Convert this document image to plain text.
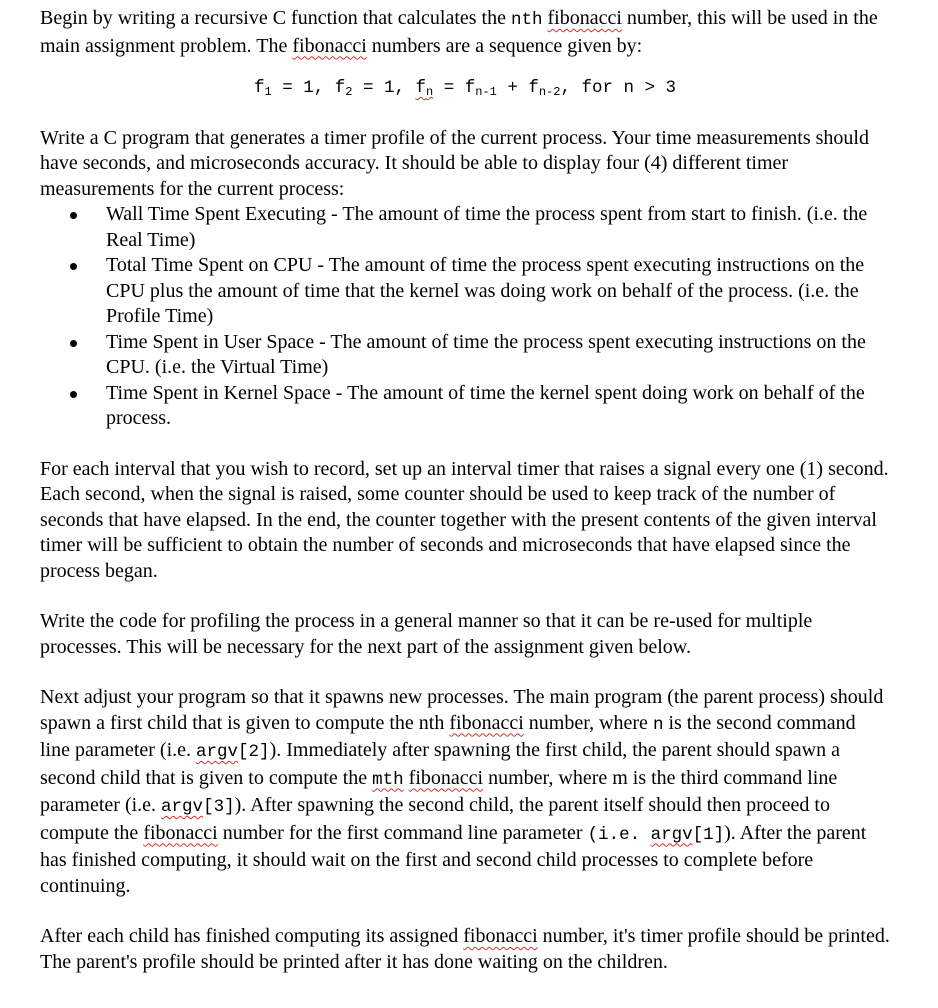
Begin by writing a recursive C function that calculates the nth fibonacci number, this will be used in the main assignment problem. The fibonacci numbers are a sequence given by:

$f_1 = 1$, $f_2 = 1$, $f_n = f_{n-1} + f_{n-2}$, for n > 3

Write a C program that generates a timer profile of the current process. Your time measurements should have seconds, and microseconds accuracy. It should be able to display four (4) different timer measurements for the current process:

Wall Time Spent Executing - The amount of time the process spent from start to finish. (i.e. the Real Time)
Total Time Spent on CPU - The amount of time the process spent executing instructions on the CPU plus the amount of time that the kernel was doing work on behalf of the process. (i.e. the Profile Time)
Time Spent in User Space - The amount of time the process spent executing instructions on the CPU. (i.e. the Virtual Time)
Time Spent in Kernel Space - The amount of time the kernel spent doing work on behalf of the process.

For each interval that you wish to record, set up an interval timer that raises a signal every one (1) second. Each second, when the signal is raised, some counter should be used to keep track of the number of seconds that have elapsed. In the end, the counter together with the present contents of the given interval timer will be sufficient to obtain the number of seconds and microseconds that have elapsed since the process began.

Write the code for profiling the process in a general manner so that it can be re-used for multiple processes. This will be necessary for the next part of the assignment given below.

Next adjust your program so that it spawns new processes. The main program (the parent process) should spawn a first child that is given to compute the nth fibonacci number, where n is the second command line parameter (i.e. argv[2]). Immediately after spawning the first child, the parent should spawn a second child that is given to compute the mth fibonacci number, where m is the third command line parameter (i.e. argv[3]). After spawning the second child, the parent itself should then proceed to compute the fibonacci number for the first command line parameter (i.e. argv[1]). After the parent has finished computing, it should wait on the first and second child processes to complete before continuing.

After each child has finished computing its assigned fibonacci number, it's timer profile should be printed. The parent's profile should be printed after it has done waiting on the children.
